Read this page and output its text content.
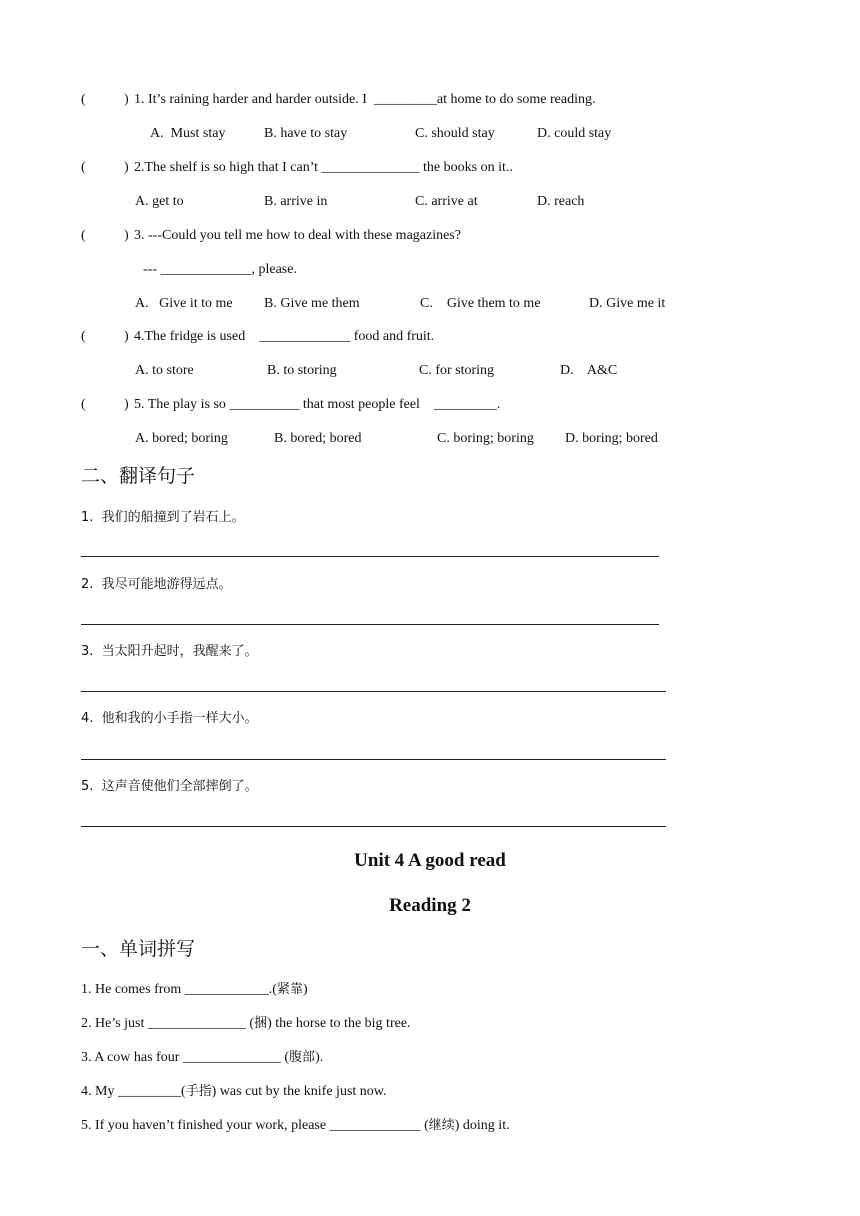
(	) 1. It’s raining harder and harder outside. I  _________at home to do some reading.
A.  Must stay	B. have to stay	C. should stay	D. could stay
(	) 2.The shelf is so high that I can’t ______________ the books on it..
A. get to	B. arrive in	C. arrive at	D. reach
(	) 3. ---Could you tell me how to deal with these magazines?
--- _____________, please.
A.   Give it to me B. Give me them	C.    Give them to me	D. Give me it
(	) 4.The fridge is used    _____________ food and fruit.
A. to store	B. to storing	C. for storing	D.    A&C
(	) 5. The play is so __________ that most people feel    _________.
A. bored; boring	B. bored; bored	C. boring; boring D. boring; bored
二、翻译句子
1.  我们的船撞到了岩石上。
2.  我尽可能地游得远点。
3.  当太阳升起时，我醒来了。
4.  他和我的小手指一样大小。
5.  这声音使他们全部摔倒了。
Unit 4 A good read
Reading 2
一、单词拼写
1. He comes from ____________.(紧靠)
2. He’s just ______________ (捆) the horse to the big tree.
3. A cow has four ______________ (腹部).
4. My _________(手指) was cut by the knife just now.
5. If you haven’t finished your work, please _____________ (继续) doing it.
